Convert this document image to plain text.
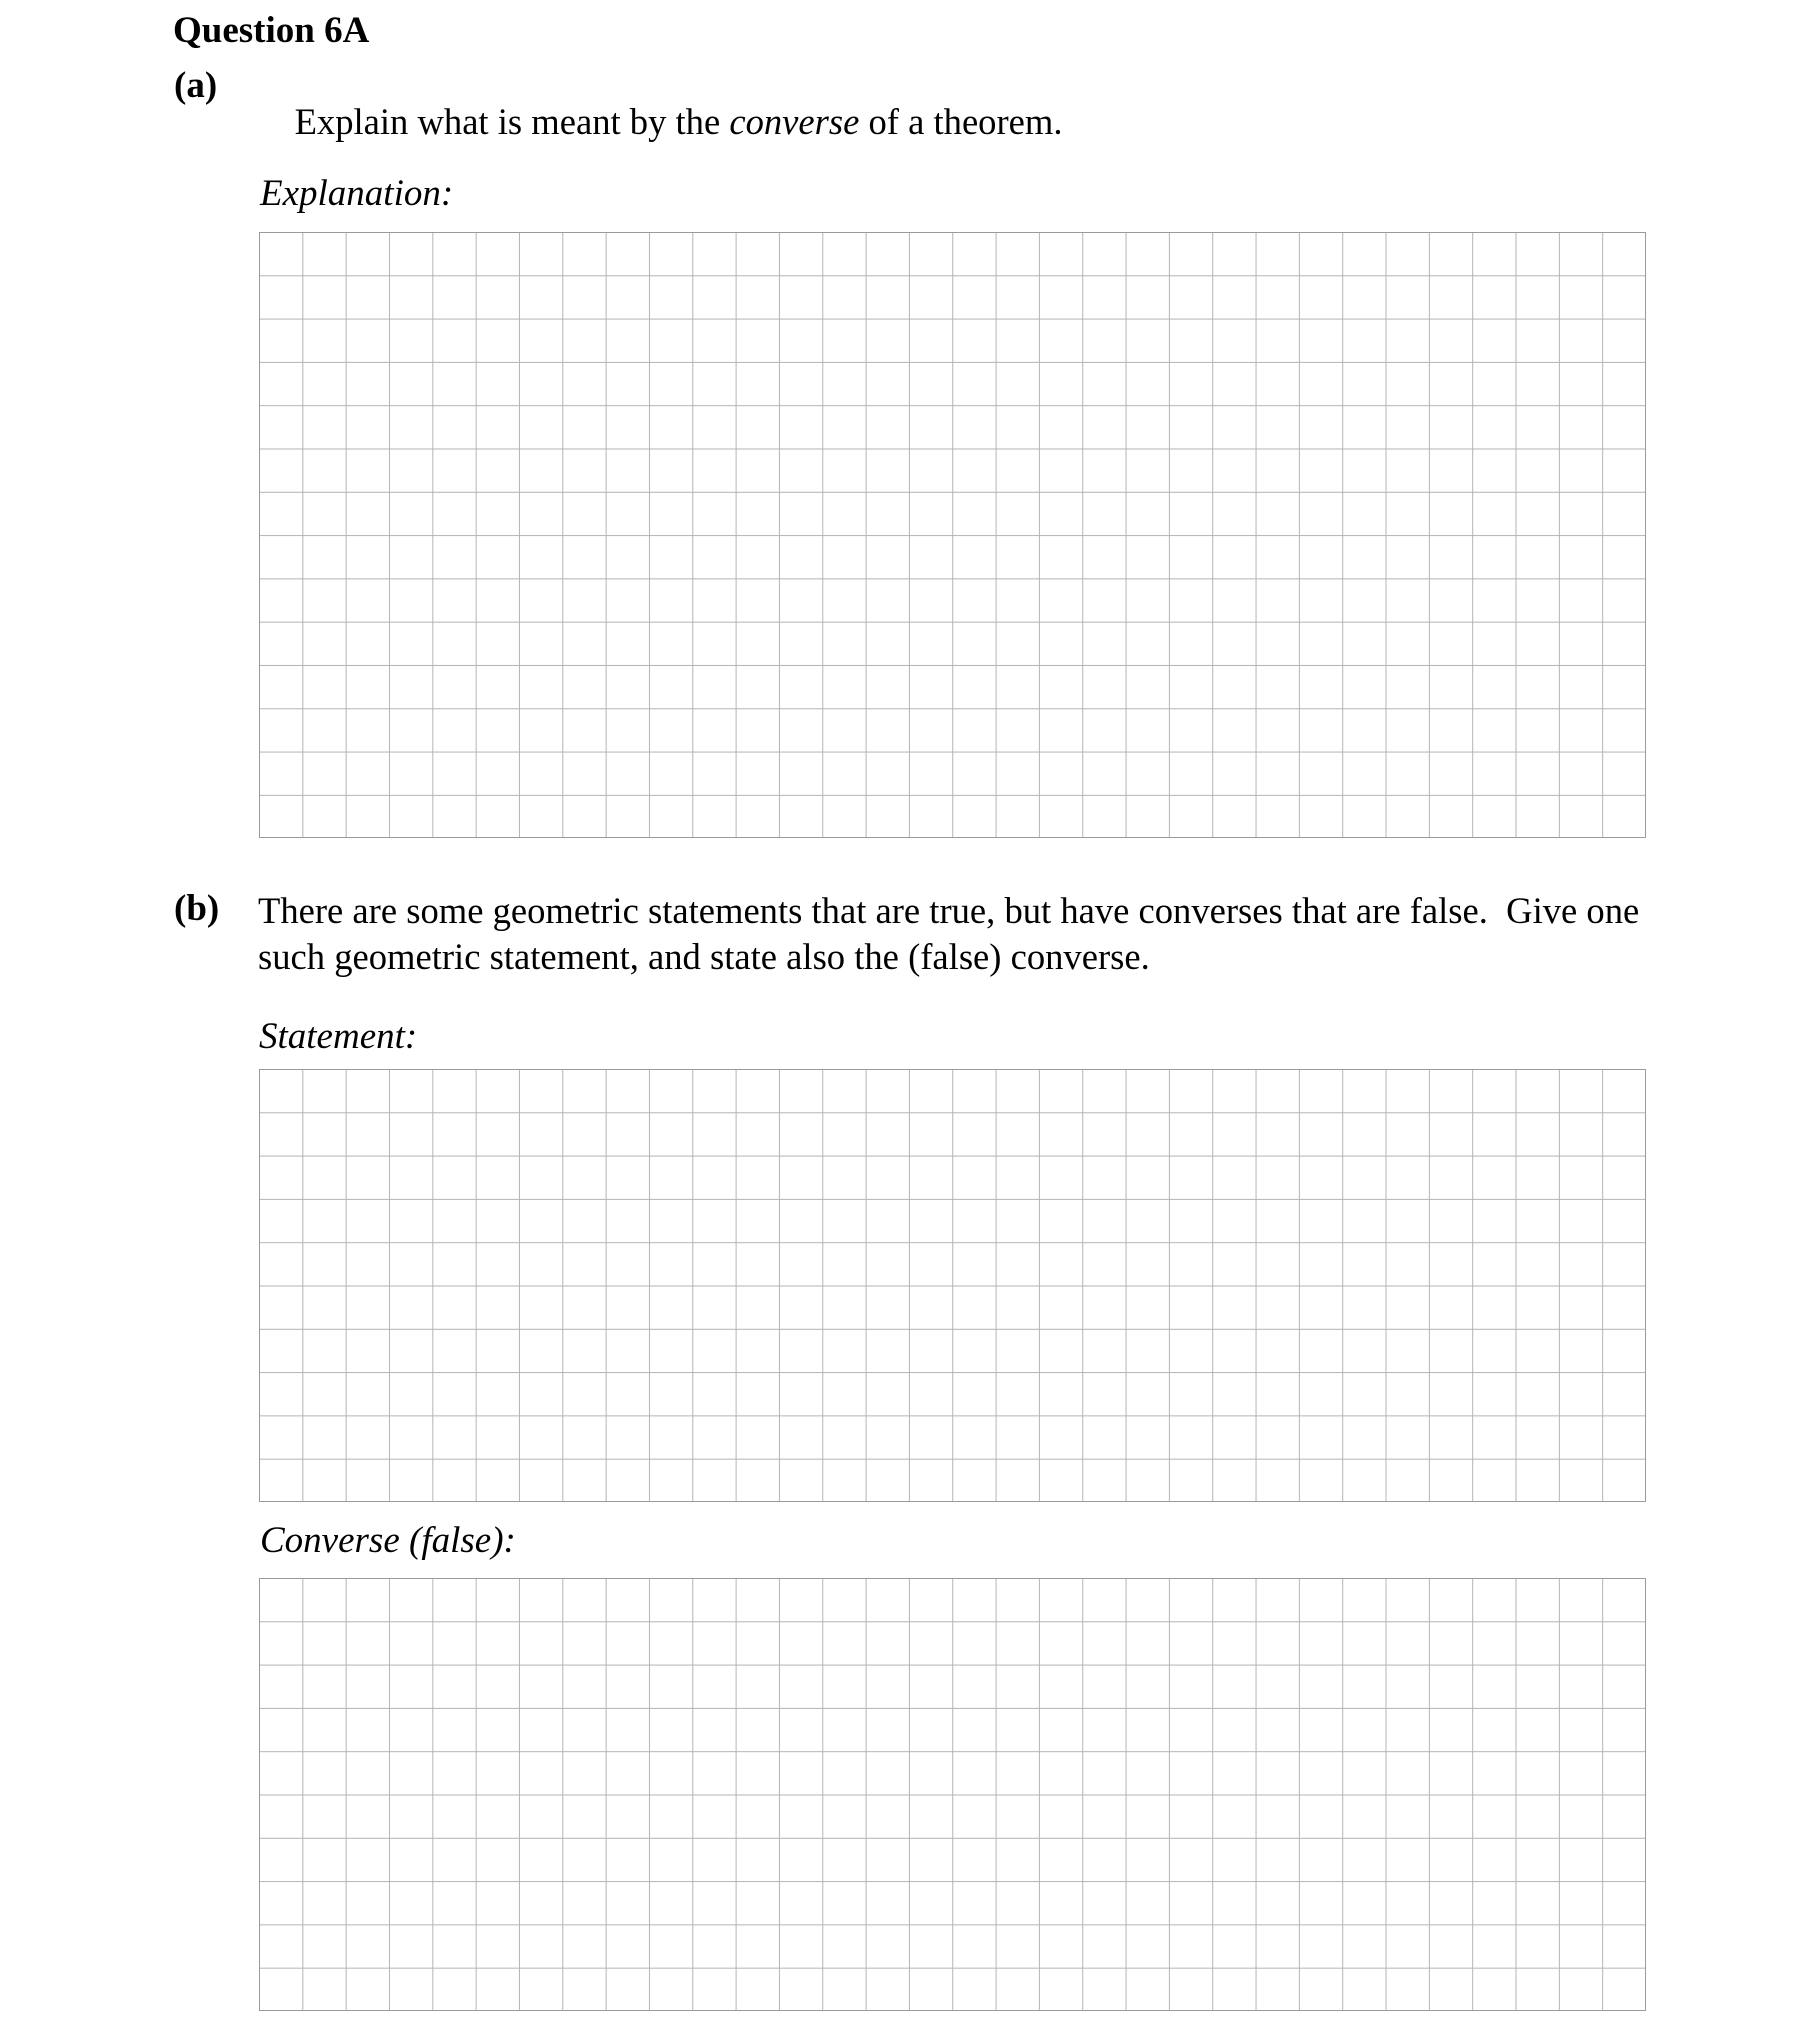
Question 6A
(a)

Explain what is meant by the converse of a theorem.

Explanation:
(b) There are some geometric statements that are true, but have converses that are false.  Give one
such geometric statement, and state also the (false) converse.
Statement:
Converse (false):
